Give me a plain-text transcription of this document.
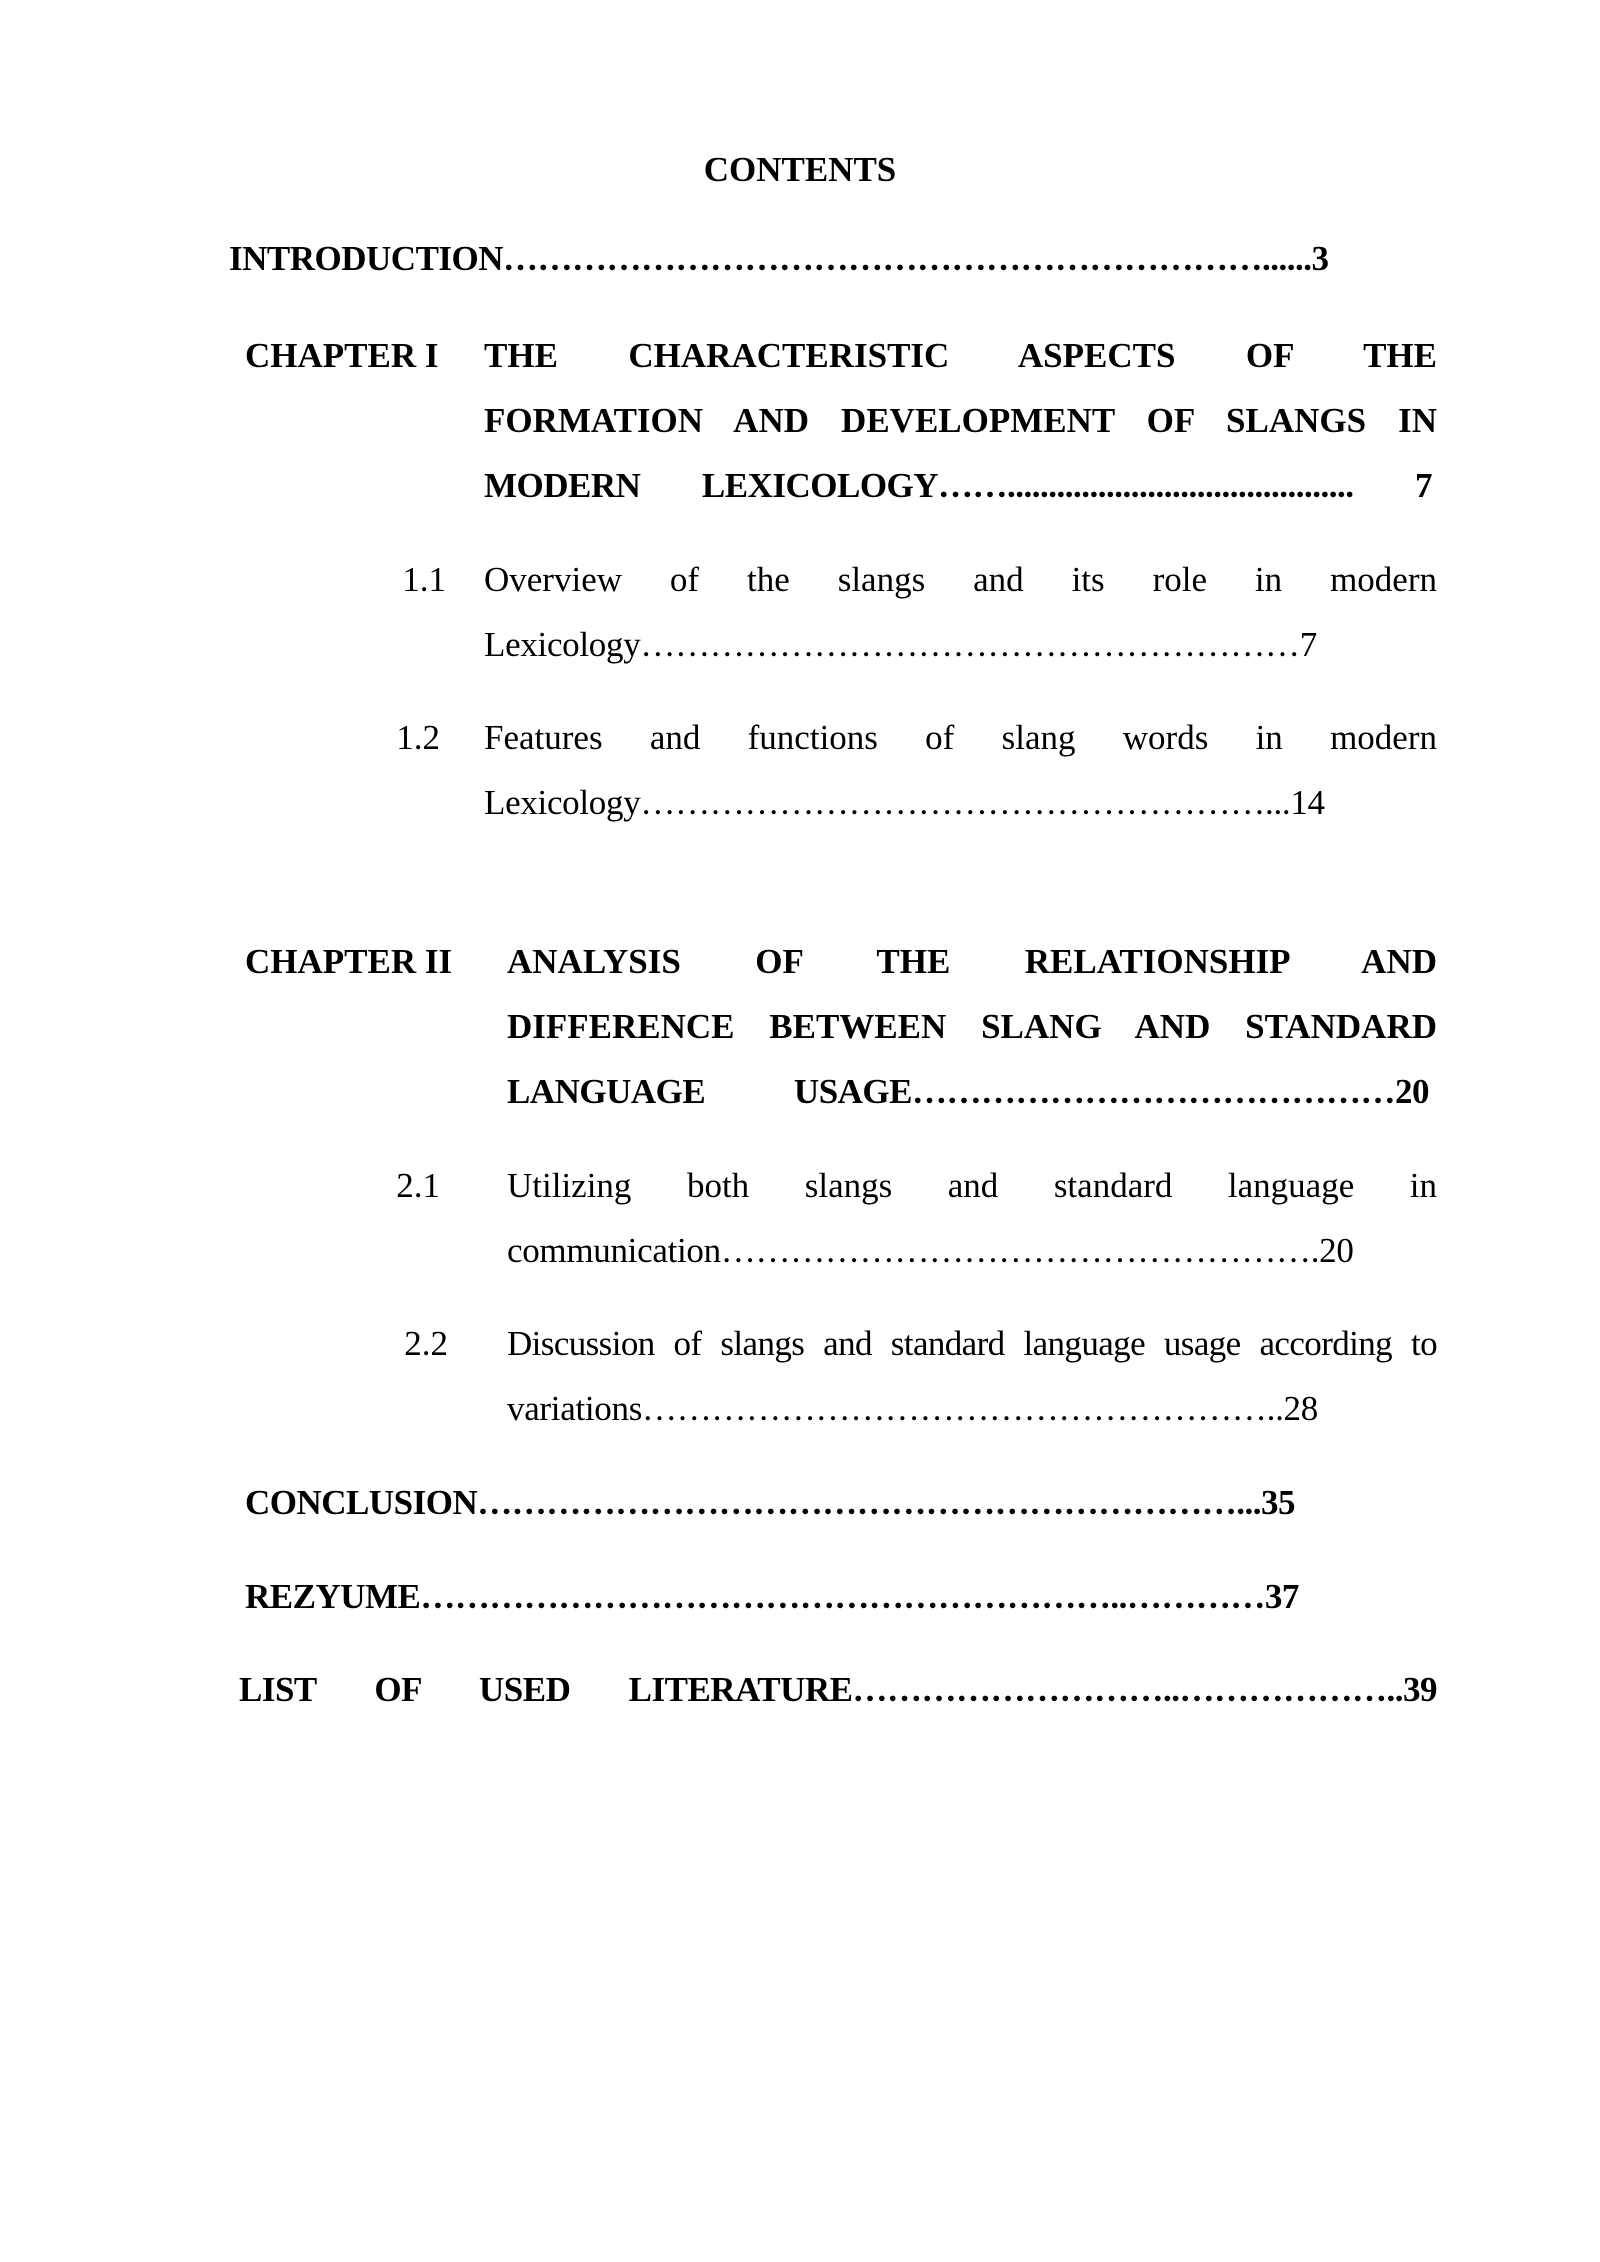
CONTENTS
INTRODUCTION…………………………………………………………......3
CHAPTER I THE CHARACTERISTIC ASPECTS OF THE
FORMATION AND DEVELOPMENT OF SLANGS IN
MODERN LEXICOLOGY…….......................................... 7
1.1 Overview of the slangs and its role in modern
Lexicology…………………………………………………7
1.2 Features and functions of slang words in modern
Lexicology………………………………………………...14
CHAPTER II ANALYSIS OF THE RELATIONSHIP AND
DIFFERENCE BETWEEN SLANG AND STANDARD
LANGUAGE USAGE……………………………………20
2.1 Utilizing both slangs and standard language in
communication…………………………………………….20
2.2 Discussion of slangs and standard language usage according to
variations………………………………………………..28
CONCLUSION…………………………………………………………...35
REZYUME……………………………………………………..…………37
LIST OF USED LITERATURE………………………..………………..39
